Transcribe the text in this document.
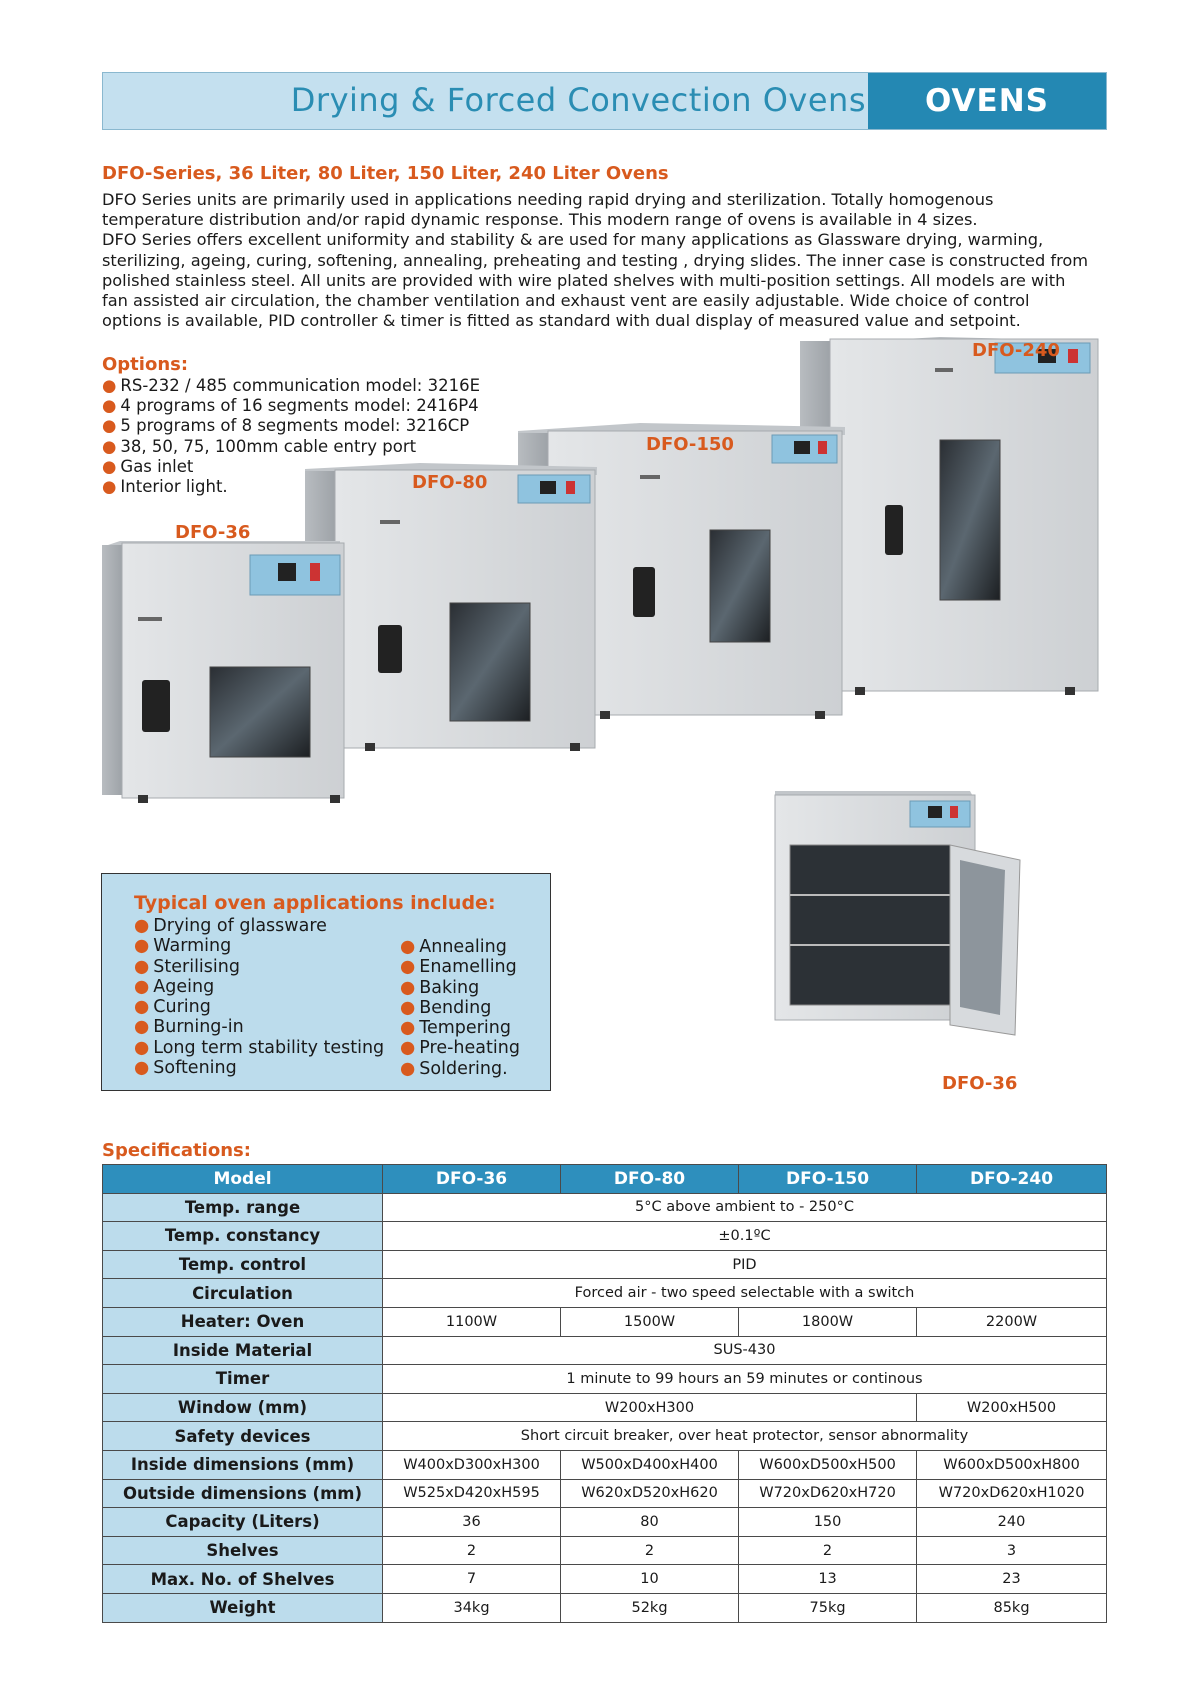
Drying & Forced Convection Ovens	OVENS
DFO-Series, 36 Liter, 80 Liter, 150 Liter, 240 Liter Ovens

DFO Series units are primarily used in applications needing rapid drying and sterilization. Totally homogenous

temperature distribution and/or rapid dynamic response. This modern range of ovens is available in 4 sizes.

DFO Series offers excellent uniformity and stability & are used for many applications as Glassware drying, warming,

sterilizing, ageing, curing, softening, annealing, preheating and testing , drying slides. The inner case is constructed from

polished stainless steel. All units are provided with wire plated shelves with multi-position settings. All models are with

fan assisted air circulation, the chamber ventilation and exhaust vent are easily adjustable. Wide choice of control

options is available, PID controller & timer is fitted as standard with dual display of measured value and setpoint.

DFO-36
DFO-80
DFO-150
DFO-240
DFO-36
Options:
● RS-232 / 485 communication model: 3216E
● 4 programs of 16 segments model: 2416P4
● 5 programs of 8 segments model: 3216CP
● 38, 50, 75, 100mm cable entry port
● Gas inlet
● Interior light.
Typical oven applications include:
● Drying of glassware
● Warming
● Sterilising
● Ageing
● Curing
● Burning-in
● Long term stability testing
● Softening
● Annealing
● Enamelling
● Baking
● Bending
● Tempering
● Pre-heating
● Soldering.
Specifications:
Model	DFO-36	DFO-80	DFO-150	DFO-240
Temp. range	5°C above ambient to - 250°C			
Temp. constancy	±0.1ºC			
Temp. control	PID			
Circulation	Forced air - two speed selectable with a switch			
Heater: Oven	1100W	1500W	1800W	2200W
Inside Material	SUS-430			
Timer	1 minute to 99 hours an 59 minutes or continous			
Window (mm)	W200xH300			W200xH500
Safety devices	Short circuit breaker, over heat protector, sensor abnormality			
Inside dimensions (mm)	W400xD300xH300	W500xD400xH400	W600xD500xH500	W600xD500xH800
Outside dimensions (mm)	W525xD420xH595	W620xD520xH620	W720xD620xH720	W720xD620xH1020
Capacity (Liters)	36	80	150	240
Shelves	2	2	2	3
Max. No. of Shelves	7	10	13	23
Weight	34kg	52kg	75kg	85kg
